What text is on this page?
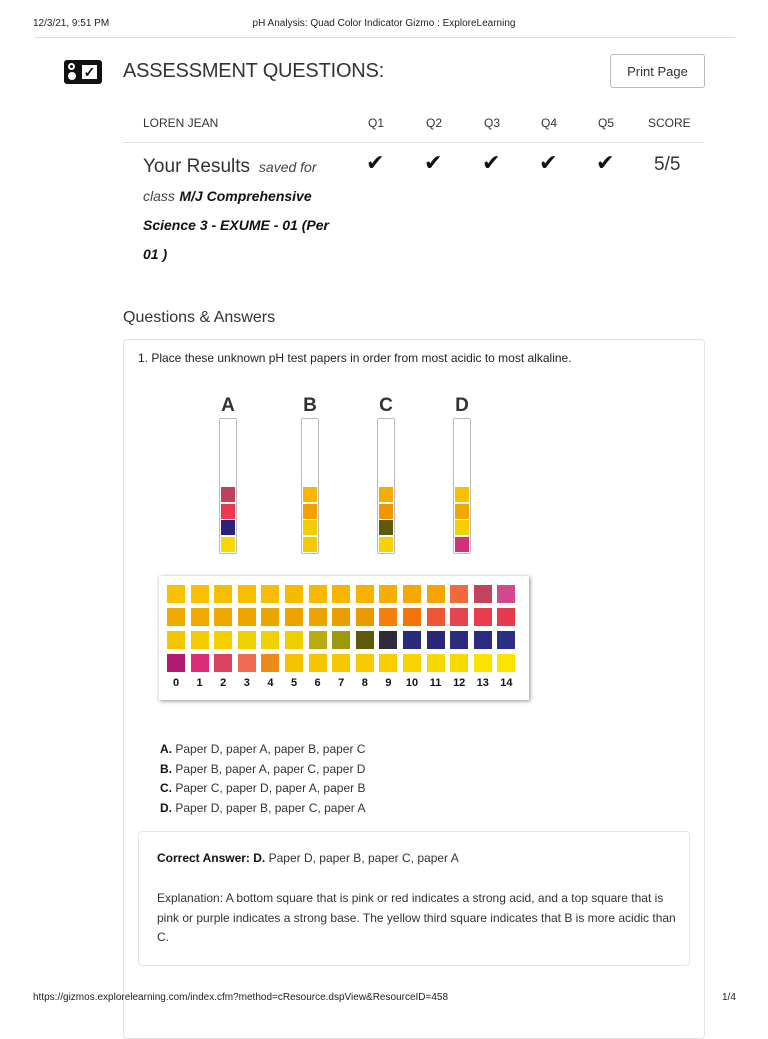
12/3/21, 9:51 PM	pH Analysis: Quad Color Indicator Gizmo : ExploreLearning
✓ ASSESSMENT QUESTIONS:	Print Page
LOREN JEAN	Q1	Q2	Q3	Q4	Q5	SCORE
Your Results saved for
class M/J Comprehensive
Science 3 - EXUME - 01 (Per
01 )
✔ ✔ ✔ ✔ ✔ 5/5
Questions & Answers
1. Place these unknown pH test papers in order from most acidic to most alkaline.
A	B	C	D
0	1	2	3	4	5	6	7	8	9	10	11	12	13	14
A. Paper D, paper A, paper B, paper C
B. Paper B, paper A, paper C, paper D
C. Paper C, paper D, paper A, paper B
D. Paper D, paper B, paper C, paper A
Correct Answer: D. Paper D, paper B, paper C, paper A
Explanation: A bottom square that is pink or red indicates a strong acid, and a top square that is pink or purple indicates a strong base. The yellow third square indicates that B is more acidic than C.
https://gizmos.explorelearning.com/index.cfm?method=cResource.dspView&ResourceID=458	1/4
